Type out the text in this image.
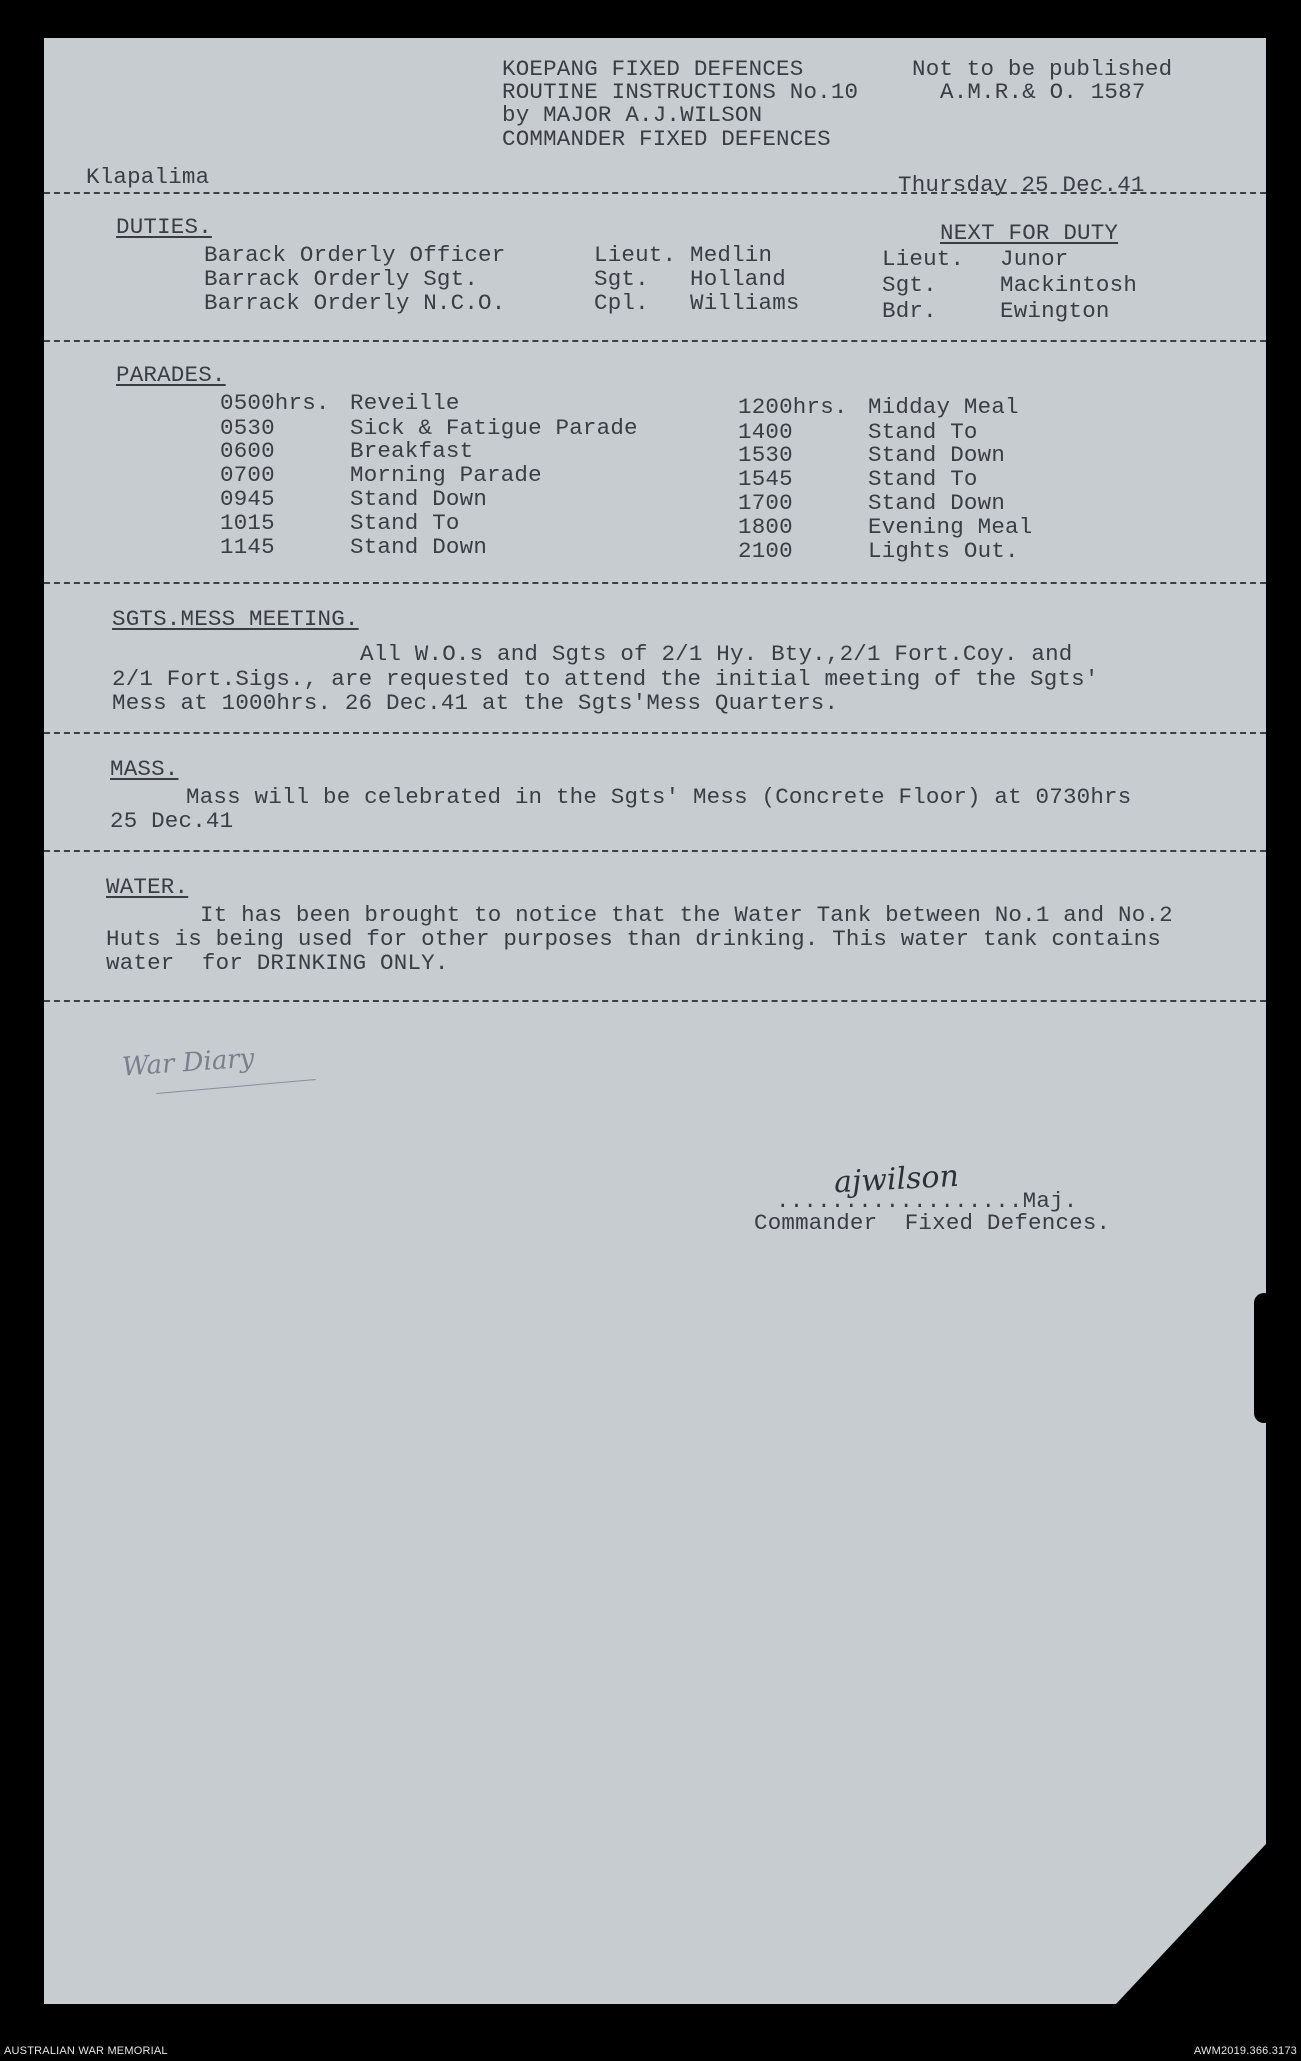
KOEPANG FIXED DEFENCES
ROUTINE INSTRUCTIONS No.10
by MAJOR A.J.WILSON
COMMANDER FIXED DEFENCES
Not to be published
A.M.R.& O. 1587
Klapalima	Thursday 25 Dec.41
DUTIES.	NEXT FOR DUTY
Barack Orderly Officer	Lieut. Medlin	Lieut. Junor
Barrack Orderly Sgt.	Sgt. Holland	Sgt.	Mackintosh
Barrack Orderly N.C.O.	Cpl. Williams	Bdr.	Ewington
PARADES.
0500hrs. Reveille
0530	Sick & Fatigue Parade
0600	Breakfast
0700	Morning Parade
0945	Stand Down
1015	Stand To
1145	Stand Down
1200hrs. Midday Meal
1400	Stand To
1530	Stand Down
1545	Stand To
1700	Stand Down
1800	Evening Meal
2100	Lights Out.
SGTS.MESS MEETING.
All W.O.s and Sgts of 2/1 Hy. Bty.,2/1 Fort.Coy. and
2/1 Fort.Sigs., are requested to attend the initial meeting of the Sgts'
Mess at 1000hrs. 26 Dec.41 at the Sgts'Mess Quarters.
MASS.
Mass will be celebrated in the Sgts' Mess (Concrete Floor) at 0730hrs
25 Dec.41
WATER.
It has been brought to notice that the Water Tank between No.1 and No.2
Huts is being used for other purposes than drinking. This water tank contains
water  for DRINKING ONLY.
War Diary
ajwilson
..................Maj.
Commander  Fixed Defences.
AUSTRALIAN WAR MEMORIAL	AWM2019.366.3173
